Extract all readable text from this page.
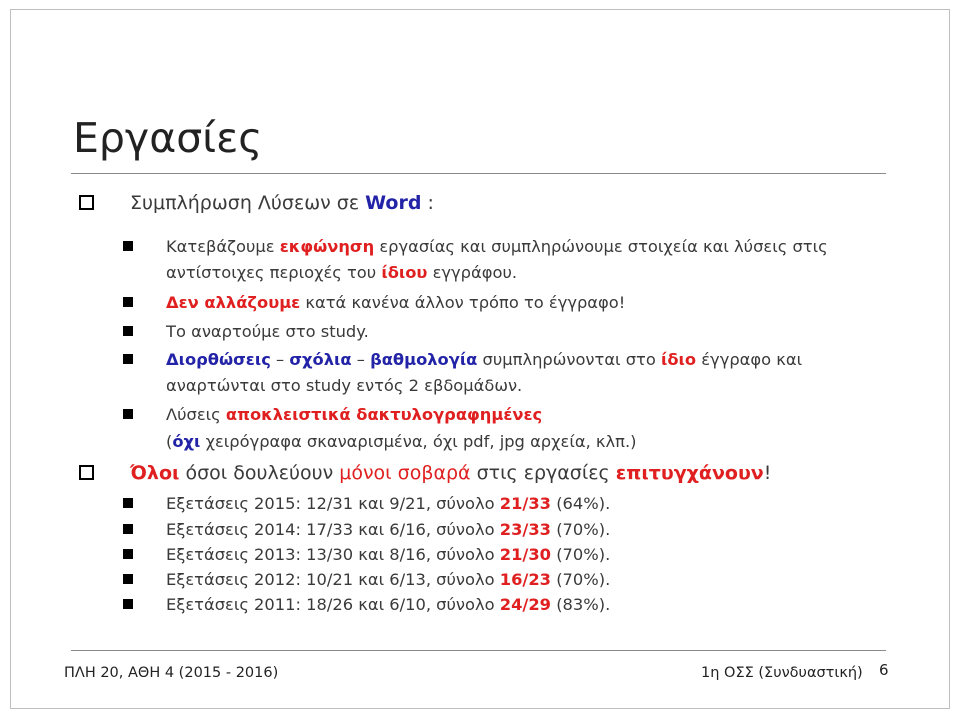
Εργασίες
Συμπλήρωση Λύσεων σε Word :
Κατεβάζουμε εκφώνηση εργασίας και συμπληρώνουμε στοιχεία και λύσεις στις
αντίστοιχες περιοχές του ίδιου εγγράφου.
Δεν αλλάζουμε κατά κανένα άλλον τρόπο το έγγραφο!
Το αναρτούμε στο study.
Διορθώσεις – σχόλια – βαθμολογία συμπληρώνονται στο ίδιο έγγραφο και
αναρτώνται στο study εντός 2 εβδομάδων.
Λύσεις αποκλειστικά δακτυλογραφημένες
(όχι χειρόγραφα σκαναρισμένα, όχι pdf, jpg αρχεία, κλπ.)
Όλοι όσοι δουλεύουν μόνοι σοβαρά στις εργασίες επιτυγχάνουν!
Εξετάσεις 2015: 12/31 και 9/21, σύνολο 21/33 (64%).
Εξετάσεις 2014: 17/33 και 6/16, σύνολο 23/33 (70%).
Εξετάσεις 2013: 13/30 και 8/16, σύνολο 21/30 (70%).
Εξετάσεις 2012: 10/21 και 6/13, σύνολο 16/23 (70%).
Εξετάσεις 2011: 18/26 και 6/10, σύνολο 24/29 (83%).
ΠΛΗ 20, ΑΘΗ 4 (2015 - 2016)	1η ΟΣΣ (Συνδυαστική) 6
